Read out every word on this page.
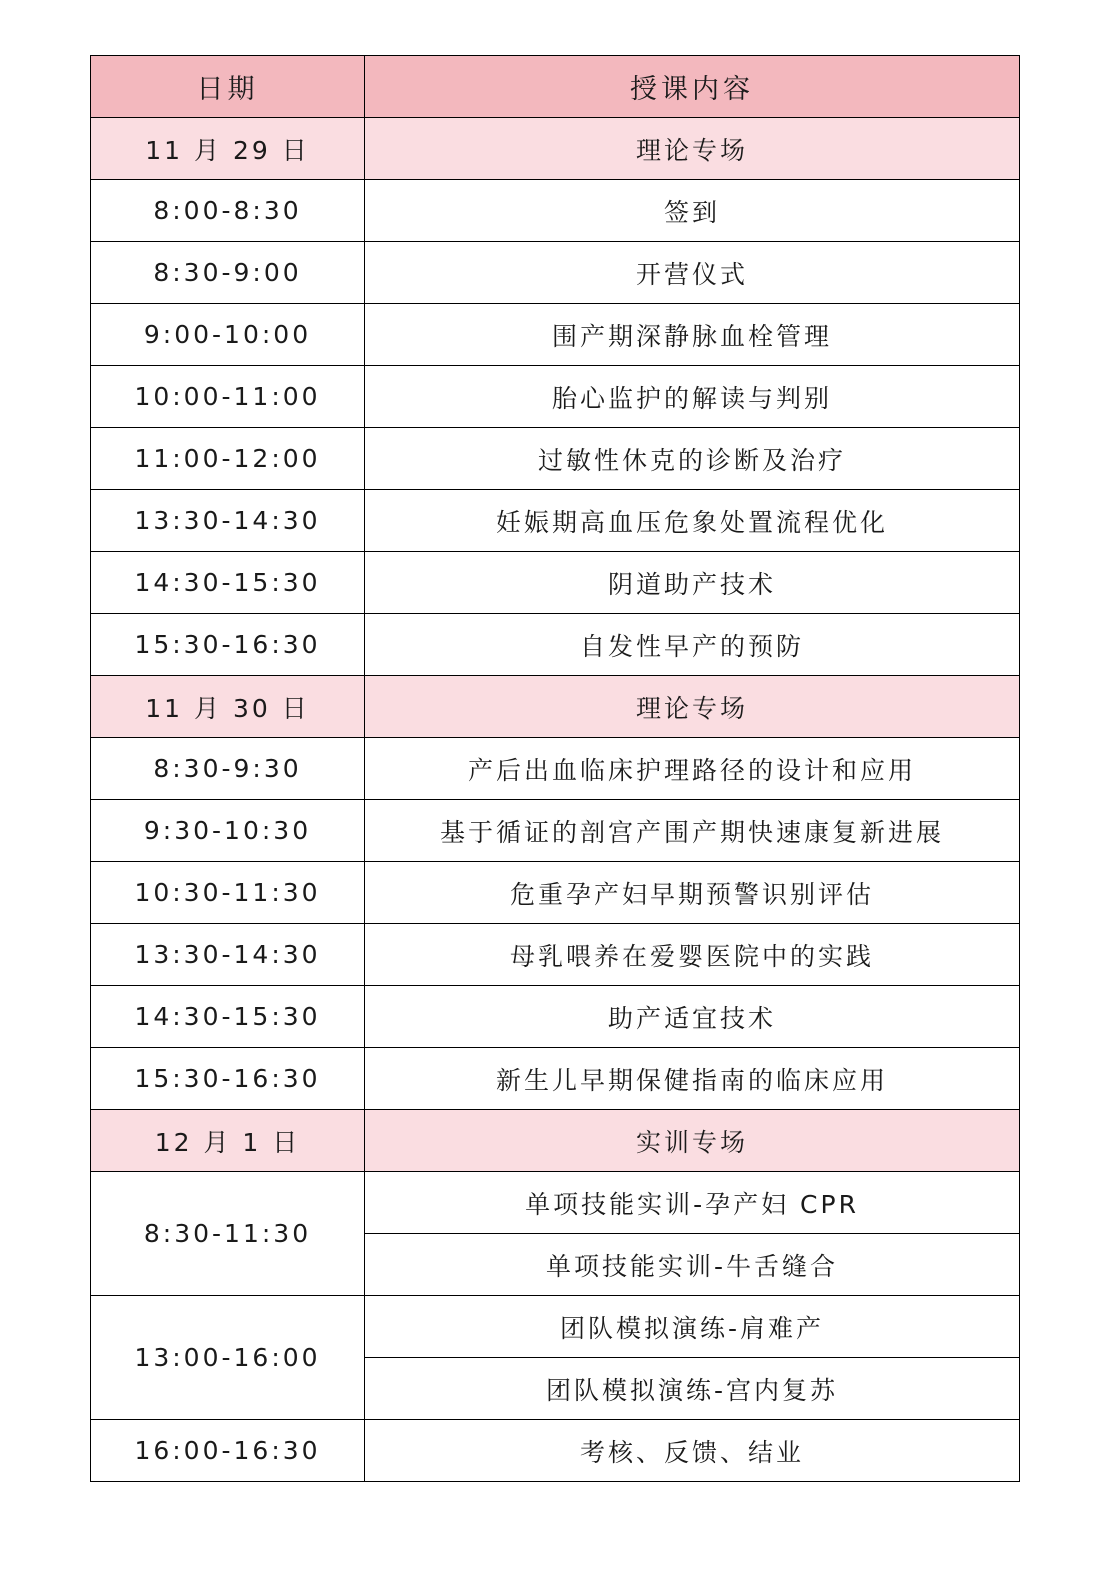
日期	授课内容
11 月 29 日	理论专场
8:00-8:30	签到
8:30-9:00	开营仪式
9:00-10:00	围产期深静脉血栓管理
10:00-11:00	胎心监护的解读与判别
11:00-12:00	过敏性休克的诊断及治疗
13:30-14:30	妊娠期高血压危象处置流程优化
14:30-15:30	阴道助产技术
15:30-16:30	自发性早产的预防
11 月 30 日	理论专场
8:30-9:30	产后出血临床护理路径的设计和应用
9:30-10:30	基于循证的剖宫产围产期快速康复新进展
10:30-11:30	危重孕产妇早期预警识别评估
13:30-14:30	母乳喂养在爱婴医院中的实践
14:30-15:30	助产适宜技术
15:30-16:30	新生儿早期保健指南的临床应用
12 月 1 日	实训专场
8:30-11:30	单项技能实训-孕产妇 CPR
	单项技能实训-牛舌缝合
13:00-16:00	团队模拟演练-肩难产
	团队模拟演练-宫内复苏
16:00-16:30	考核、反馈、结业
